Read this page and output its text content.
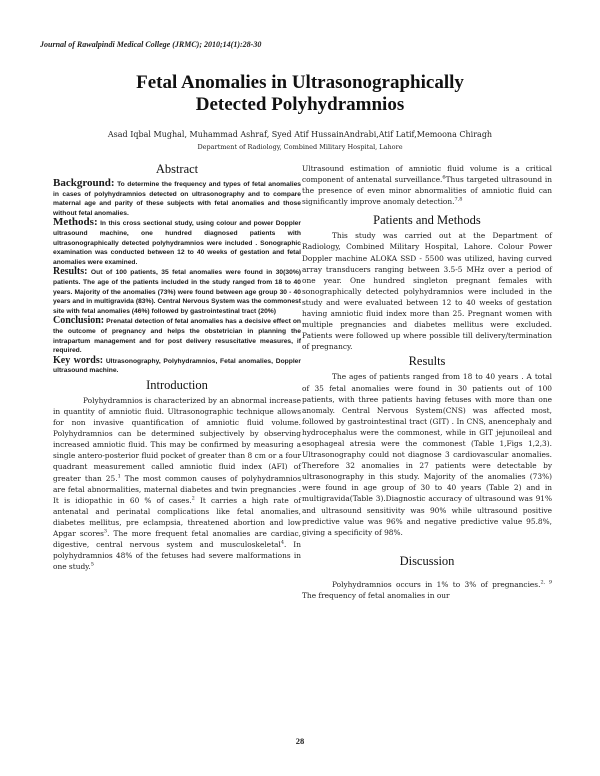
Journal of Rawalpindi Medical College (JRMC); 2010;14(1):28-30
Fetal Anomalies in Ultrasonographically
Detected Polyhydramnios
Asad Iqbal Mughal, Muhammad Ashraf, Syed Atif HussainAndrabi,Atif Latif,Memoona Chiragh
Department of Radiology, Combined Military Hospital, Lahore
Abstract

Background: To determine the frequency and types of fetal anomalies in cases of polyhydramnios detected on ultrasonography and to compare maternal age and parity of these subjects with fetal anomalies and those without fetal anomalies.

Methods: In this cross sectional study, using colour and power Doppler ultrasound machine, one hundred diagnosed patients with ultrasonographically detected polyhydramnios were included . Sonographic examination was conducted between 12 to 40 weeks of gestation and fetal anomalies were examined.

Results: Out of 100 patients, 35 fetal anomalies were found in 30(30%) patients. The age of the patients included in the study ranged from 18 to 40 years. Majority of the anomalies (73%) were found between age group 30 - 40 years and in multigravida (83%). Central Nervous System was the commonest site with fetal anomalies (46%) followed by gastrointestinal tract (20%)

Conclusion: Prenatal detection of fetal anomalies has a decisive effect on the outcome of pregnancy and helps the obstetrician in planning the intrapartum management and for post delivery resuscitative measures, if required.

Key words: Ultrasonography, Polyhydramnios, Fetal anomalies, Doppler ultrasound machine.

Introduction

Polyhydramnios is characterized by an abnormal increase in quantity of amniotic fluid. Ultrasonographic technique allows for non invasive quantification of amniotic fluid volume. Polyhydramnios can be determined subjectively by observing increased amniotic fluid. This may be confirmed by measuring a single antero-posterior fluid pocket of greater than 8 cm or a four quadrant measurement called amniotic fluid index (AFI) of greater than 25.$^1$ The most common causes of polyhydramnios are fetal abnormalities, maternal diabetes and twin pregnancies . It is idiopathic in 60 % of cases.$^2$ It carries a high rate of antenatal and perinatal complications like fetal anomalies, diabetes mellitus, pre eclampsia, threatened abortion and low Apgar scores$^3$. The more frequent fetal anomalies are cardiac, digestive, central nervous system and musculoskeletal$^4$. In polyhydramnios 48% of the fetuses had severe malformations in one study.$^5$

Ultrasound estimation of amniotic fluid volume is a critical component of antenatal surveillance.$^6$Thus targeted ultrasound in the presence of even minor abnormalities of amniotic fluid can significantly improve anomaly detection.$^{7,8}$

Patients and Methods

This study was carried out at the Department of Radiology, Combined Military Hospital, Lahore. Colour Power Doppler machine ALOKA SSD - 5500 was utilized, having curved array transducers ranging between 3.5-5 MHz over a period of one year. One hundred singleton pregnant females with sonographically detected polyhydramnios were included in the study and were evaluated between 12 to 40 weeks of gestation having amniotic fluid index more than 25. Pregnant women with multiple pregnancies and diabetes mellitus were excluded. Patients were followed up where possible till delivery/termination of pregnancy.

Results

The ages of patients ranged from 18 to 40 years . A total of 35 fetal anomalies were found in 30 patients out of 100 patients, with three patients having fetuses with more than one anomaly. Central Nervous System(CNS) was affected most, followed by gastrointestinal tract (GIT) . In CNS, anencephaly and hydrocephalus were the commonest, while in GIT jejunoileal and esophageal atresia were the commonest (Table 1,Figs 1,2,3). Ultrasonography could not diagnose 3 cardiovascular anomalies. Therefore 32 anomalies in 27 patients were detectable by ultrasonography in this study. Majority of the anomalies (73%) were found in age group of 30 to 40 years (Table 2) and in multigravida(Table 3).Diagnostic accuracy of ultrasound was 91% and ultrasound sensitivity was 90% while ultrasound positive predictive value was 96% and negative predictive value 95.8%, giving a specificity of 98%.

Discussion

Polyhydramnios occurs in 1% to 3% of pregnancies.$^{2, 9}$ The frequency of fetal anomalies in our

28
